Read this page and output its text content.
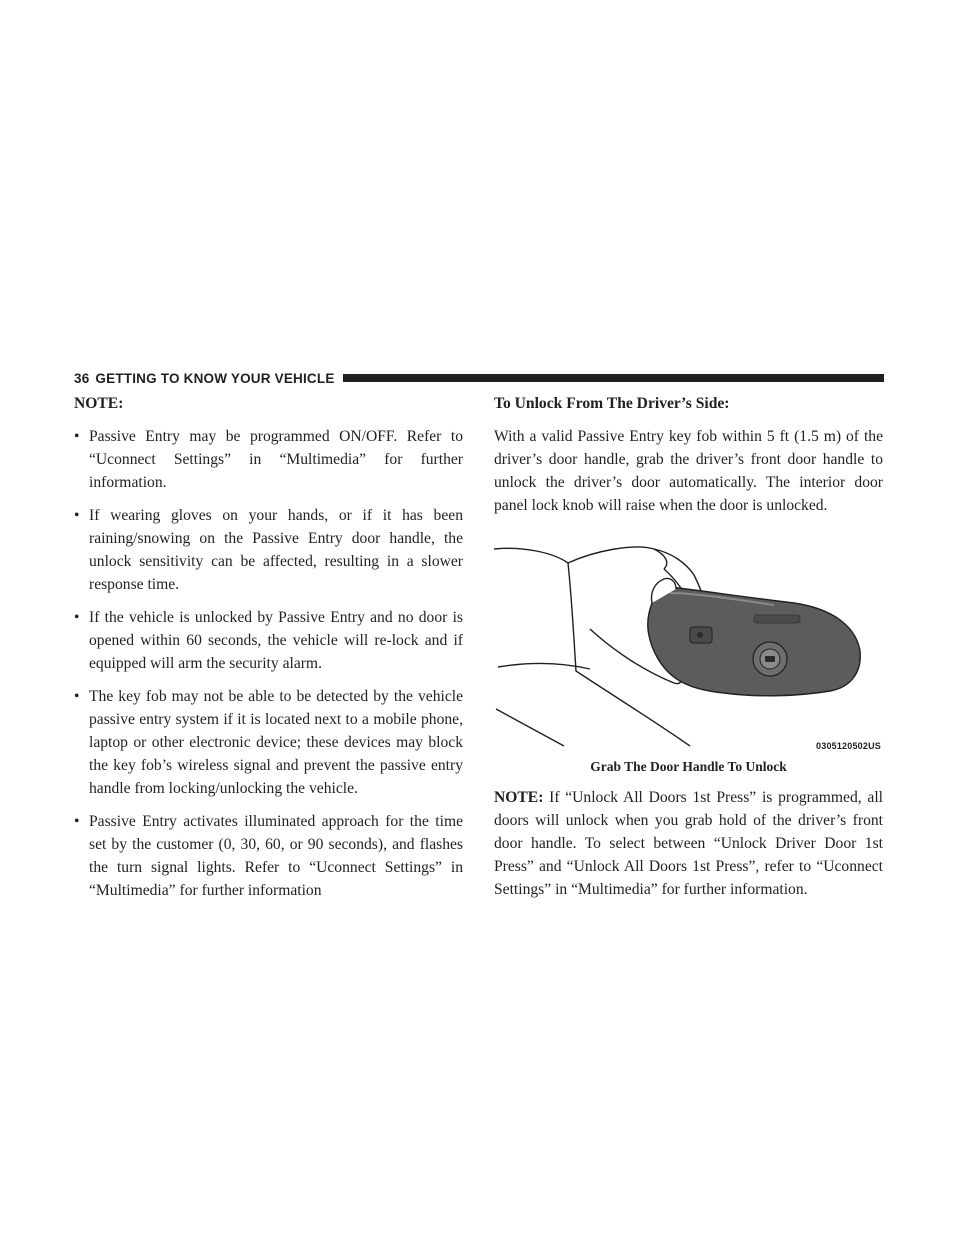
36 GETTING TO KNOW YOUR VEHICLE
NOTE:
• Passive Entry may be programmed ON/OFF. Refer to “Uconnect Settings” in “Multimedia” for further information.
• If wearing gloves on your hands, or if it has been raining/snowing on the Passive Entry door handle, the unlock sensitivity can be affected, resulting in a slower response time.
• If the vehicle is unlocked by Passive Entry and no door is opened within 60 seconds, the vehicle will re-lock and if equipped will arm the security alarm.
• The key fob may not be able to be detected by the vehicle passive entry system if it is located next to a mobile phone, laptop or other electronic device; these devices may block the key fob’s wireless signal and prevent the passive entry handle from locking/unlocking the vehicle.
• Passive Entry activates illuminated approach for the time set by the customer (0, 30, 60, or 90 seconds), and flashes the turn signal lights. Refer to “Uconnect Settings” in “Multimedia” for further information
To Unlock From The Driver’s Side:

With a valid Passive Entry key fob within 5 ft (1.5 m) of the driver’s door handle, grab the driver’s front door handle to unlock the driver’s door automatically. The interior door panel lock knob will raise when the door is unlocked.

0305120502US
Grab The Door Handle To Unlock

NOTE: If “Unlock All Doors 1st Press” is programmed, all doors will unlock when you grab hold of the driver’s front door handle. To select between “Unlock Driver Door 1st Press” and “Unlock All Doors 1st Press”, refer to “Uconnect Settings” in “Multimedia” for further information.
